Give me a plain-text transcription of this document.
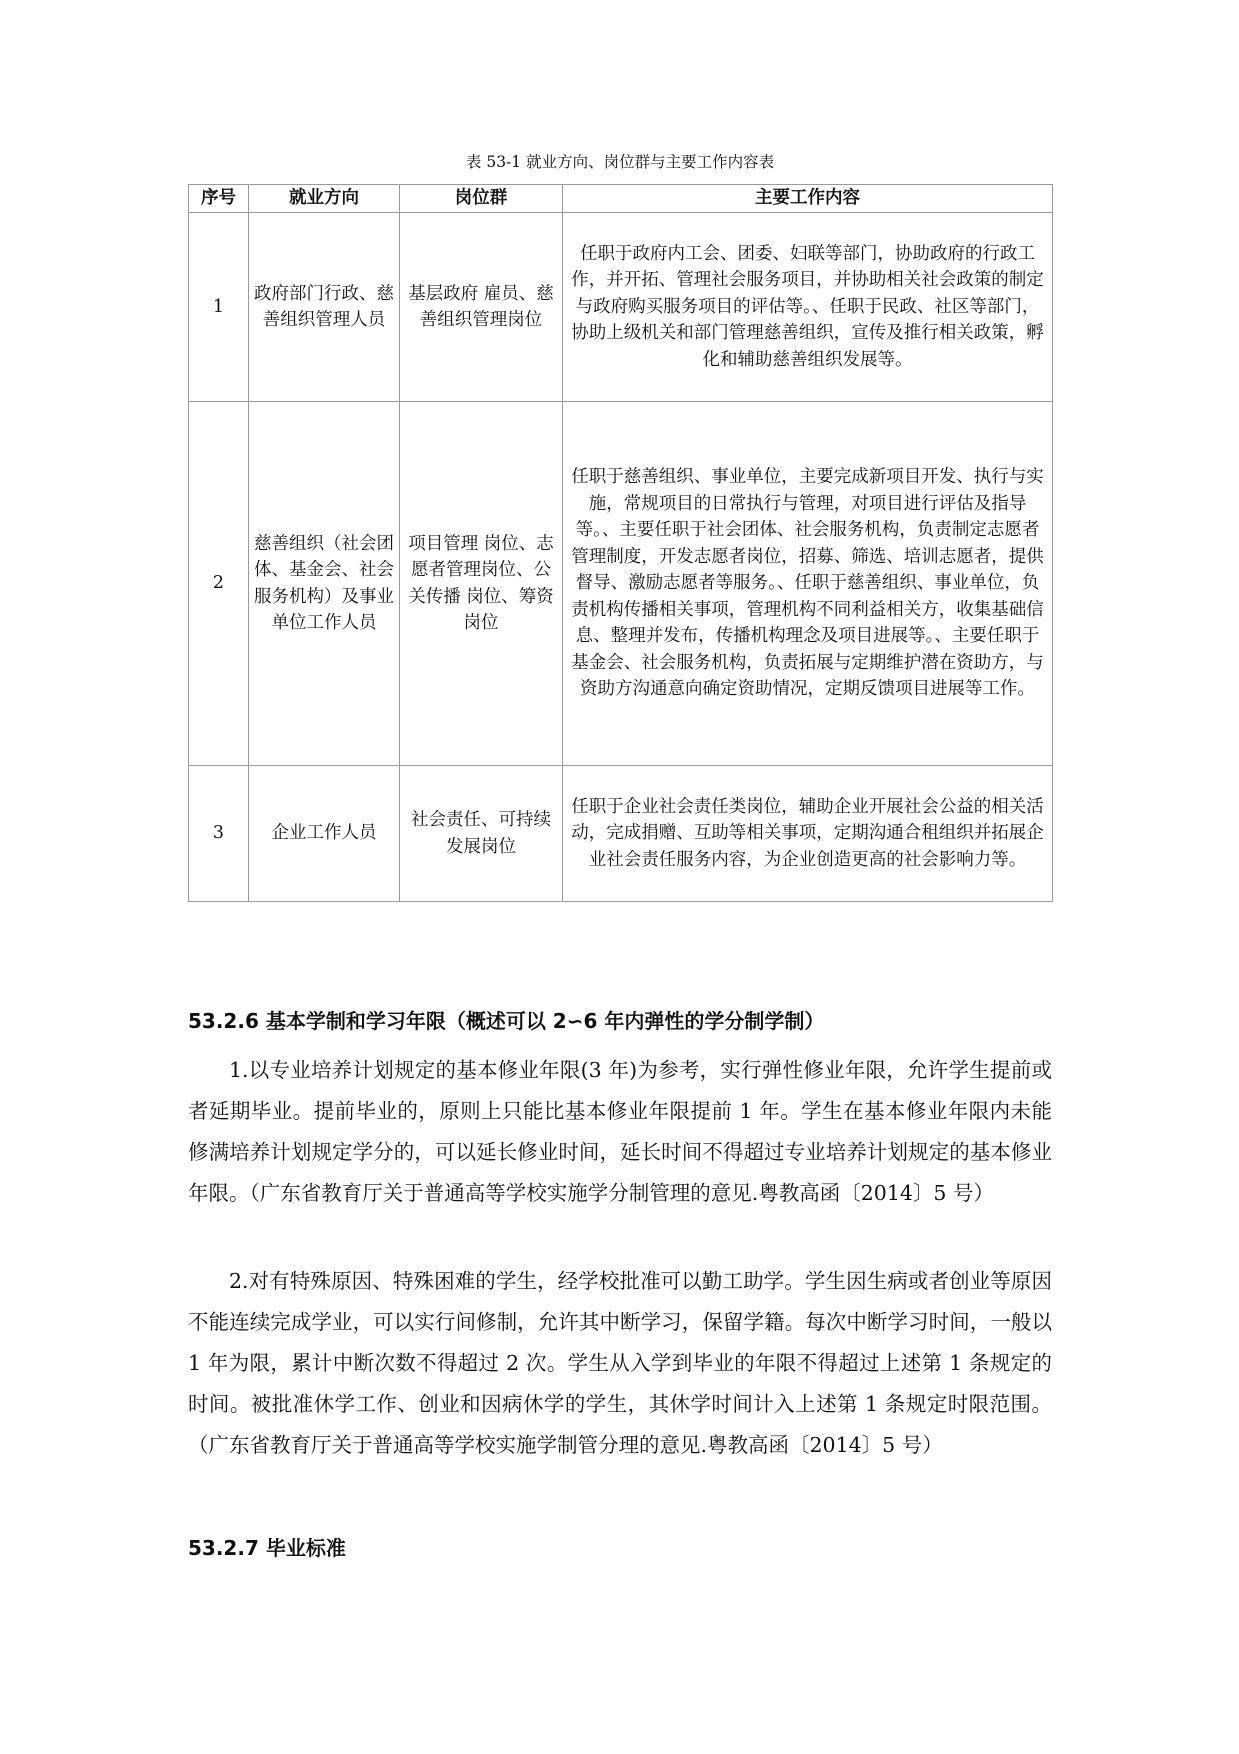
表 53-1 就业方向、岗位群与主要工作内容表
序号	就业方向	岗位群	主要工作内容
1	政府部门行政、慈善组织管理人员	基层政府 雇员、慈善组织管理岗位	任职于政府内工会、团委、妇联等部门，协助政府的行政工作，并开拓、管理社会服务项目，并协助相关社会政策的制定与政府购买服务项目的评估等。、任职于民政、社区等部门，协助上级机关和部门管理慈善组织，宣传及推行相关政策，孵化和辅助慈善组织发展等。
2	慈善组织（社会团体、基金会、社会服务机构）及事业单位工作人员	项目管理 岗位、志愿者管理岗位、公关传播 岗位、筹资岗位	任职于慈善组织、事业单位，主要完成新项目开发、执行与实施，常规项目的日常执行与管理，对项目进行评估及指导等。、主要任职于社会团体、社会服务机构，负责制定志愿者管理制度，开发志愿者岗位，招募、筛选、培训志愿者，提供督导、激励志愿者等服务。、任职于慈善组织、事业单位，负责机构传播相关事项，管理机构不同利益相关方，收集基础信息、整理并发布，传播机构理念及项目进展等。、主要任职于基金会、社会服务机构，负责拓展与定期维护潜在资助方，与资助方沟通意向确定资助情况，定期反馈项目进展等工作。
3	企业工作人员	社会责任、可持续发展岗位	任职于企业社会责任类岗位，辅助企业开展社会公益的相关活动，完成捐赠、互助等相关事项，定期沟通合租组织并拓展企业社会责任服务内容，为企业创造更高的社会影响力等。
53.2.6 基本学制和学习年限（概述可以 2∽6 年内弹性的学分制学制）

1.以专业培养计划规定的基本修业年限(3 年)为参考，实行弹性修业年限，允许学生提前或者延期毕业。提前毕业的，原则上只能比基本修业年限提前 1 年。学生在基本修业年限内未能修满培养计划规定学分的，可以延长修业时间，延长时间不得超过专业培养计划规定的基本修业年限。（广东省教育厅关于普通高等学校实施学分制管理的意见.粤教高函〔2014〕5 号）

2.对有特殊原因、特殊困难的学生，经学校批准可以勤工助学。学生因生病或者创业等原因不能连续完成学业，可以实行间修制，允许其中断学习，保留学籍。每次中断学习时间，一般以 1 年为限，累计中断次数不得超过 2 次。学生从入学到毕业的年限不得超过上述第 1 条规定的时间。被批准休学工作、创业和因病休学的学生，其休学时间计入上述第 1 条规定时限范围。（广东省教育厅关于普通高等学校实施学制管分理的意见.粤教高函〔2014〕5 号）

53.2.7 毕业标准
